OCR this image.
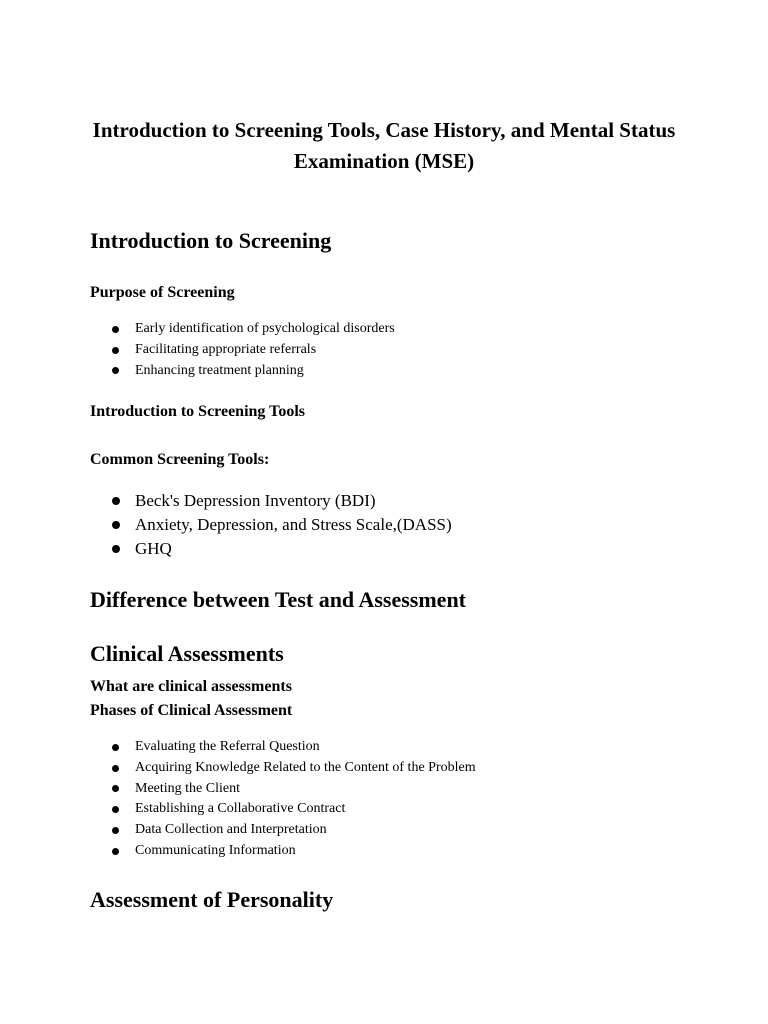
Introduction to Screening Tools, Case History, and Mental Status Examination (MSE)
Introduction to Screening
Purpose of Screening
Early identification of psychological disorders
Facilitating appropriate referrals
Enhancing treatment planning
Introduction to Screening Tools
Common Screening Tools:
Beck's Depression Inventory (BDI)
Anxiety, Depression, and Stress Scale,(DASS)
GHQ
Difference between Test and Assessment
Clinical Assessments
What are clinical assessments
Phases of Clinical Assessment
Evaluating the Referral Question
Acquiring Knowledge Related to the Content of the Problem
Meeting the Client
Establishing a Collaborative Contract
Data Collection and Interpretation
Communicating Information
Assessment of Personality
